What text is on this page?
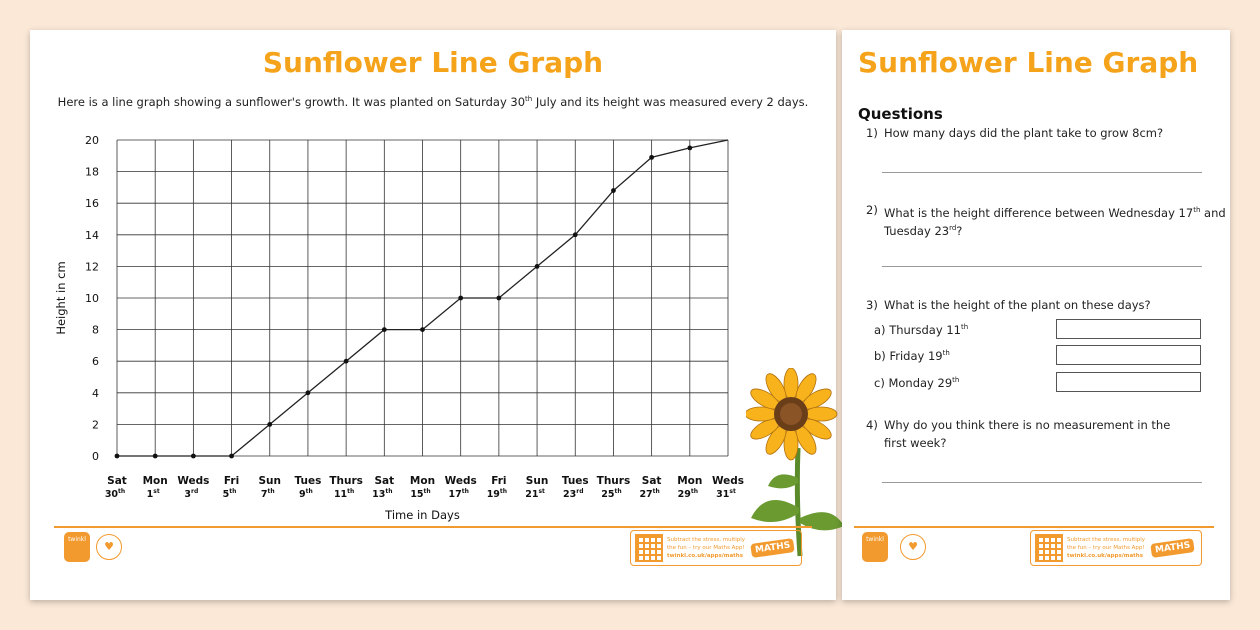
Sunflower Line Graph
Here is a line graph showing a sunflower's growth. It was planted on Saturday 30th July and its height was measured every 2 days.
0
2
4
6
8
10
12
14
16
18
20
Sat
30th
Mon
1st
Weds
3rd
Fri
5th
Sun
7th
Tues
9th
Thurs
11th
Sat
13th
Mon
15th
Weds
17th
Fri
19th
Sun
21st
Tues
23rd
Thurs
25th
Sat
27th
Mon
29th
Weds
31st
Time in Days
Height in cm
twinkl
♥	Subtract the stress, multiply the fun – try our Maths App!
twinkl.co.uk/apps/maths
MATHS
Sunflower Line Graph
Questions
1) How many days did the plant take to grow 8cm?
2) What is the height difference between Wednesday 17th and
Tuesday 23rd?
3) What is the height of the plant on these days?
a) Thursday 11th
b) Friday 19th
c) Monday 29th
4) Why do you think there is no measurement in the
first week?
twinkl
♥	Subtract the stress, multiply the fun – try our Maths App!
twinkl.co.uk/apps/maths
MATHS
